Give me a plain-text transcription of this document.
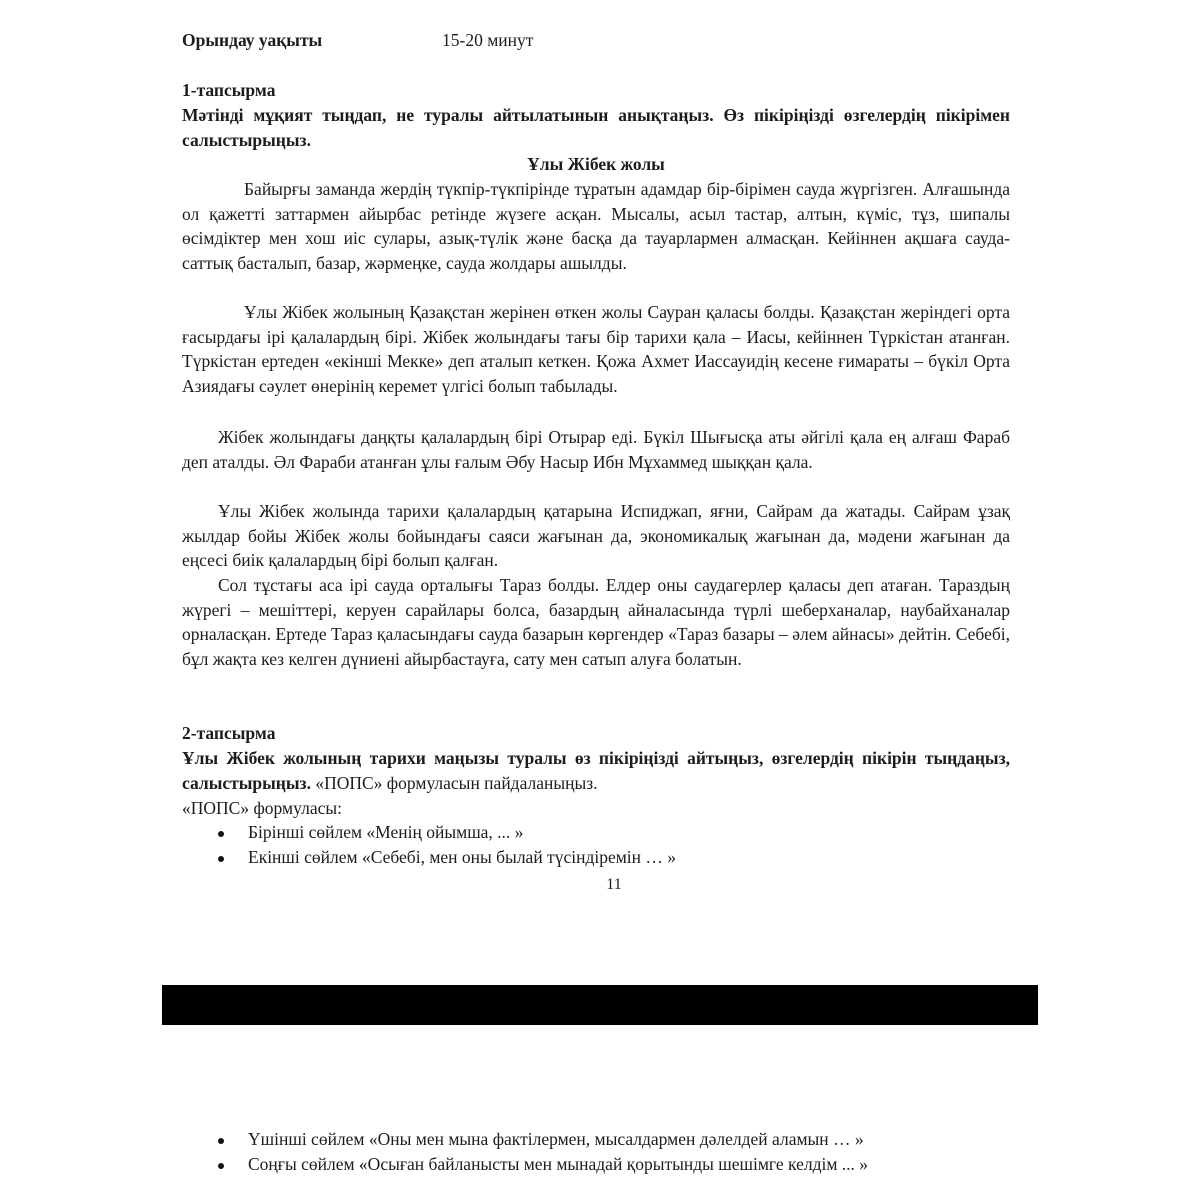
Орындау уақыты	15-20 минут
1-тапсырма
Мәтінді мұқият тыңдап, не туралы айтылатынын анықтаңыз. Өз пікіріңізді өзгелердің пікірімен салыстырыңыз.
Ұлы Жібек жолы
Байырғы заманда жердің түкпір-түкпірінде тұратын адамдар бір-бірімен сауда жүргізген. Алғашында ол қажетті заттармен айырбас ретінде жүзеге асқан. Мысалы, асыл тастар, алтын, күміс, тұз, шипалы өсімдіктер мен хош иіс сулары, азық-түлік және басқа да тауарлармен алмасқан. Кейіннен ақшаға сауда-саттық басталып, базар, жәрмеңке, сауда жолдары ашылды.
Ұлы Жібек жолының Қазақстан жерінен өткен жолы Сауран қаласы болды. Қазақстан жеріндегі орта ғасырдағы ірі қалалардың бірі. Жібек жолындағы тағы бір тарихи қала – Иасы, кейіннен Түркістан атанған. Түркістан ертеден «екінші Мекке» деп аталып кеткен. Қожа Ахмет Иассауидің кесене ғимараты – бүкіл Орта Азиядағы сәулет өнерінің керемет үлгісі болып табылады.
Жібек жолындағы даңқты қалалардың бірі Отырар еді. Бүкіл Шығысқа аты әйгілі қала ең алғаш Фараб деп аталды. Әл Фараби атанған ұлы ғалым Әбу Насыр Ибн Мұхаммед шыққан қала.
Ұлы Жібек жолында тарихи қалалардың қатарына Испиджап, яғни, Сайрам да жатады. Сайрам ұзақ жылдар бойы Жібек жолы бойындағы саяси жағынан да, экономикалық жағынан да, мәдени жағынан да еңсесі биік қалалардың бірі болып қалған.
Сол тұстағы аса ірі сауда орталығы Тараз болды. Елдер оны саудагерлер қаласы деп атаған. Тараздың жүрегі – мешіттері, керуен сарайлары болса, базардың айналасында түрлі шеберханалар, наубайханалар орналасқан. Ертеде Тараз қаласындағы сауда базарын көргендер «Тараз базары – әлем айнасы» дейтін. Себебі, бұл жақта кез келген дүниені айырбастауға, сату мен сатып алуға болатын.
2-тапсырма
Ұлы Жібек жолының тарихи маңызы туралы өз пікіріңізді айтыңыз, өзгелердің пікірін тыңдаңыз, салыстырыңыз. «ПОПС» формуласын пайдаланыңыз.
«ПОПС» формуласы:
Бірінші сөйлем «Менің ойымша, ... »
Екінші сөйлем «Себебі, мен оны былай түсіндіремін … »
11
Үшінші сөйлем «Оны мен мына фактілермен, мысалдармен дәлелдей аламын … »
Соңғы сөйлем «Осыған байланысты мен мынадай қорытынды шешімге келдім ... »
